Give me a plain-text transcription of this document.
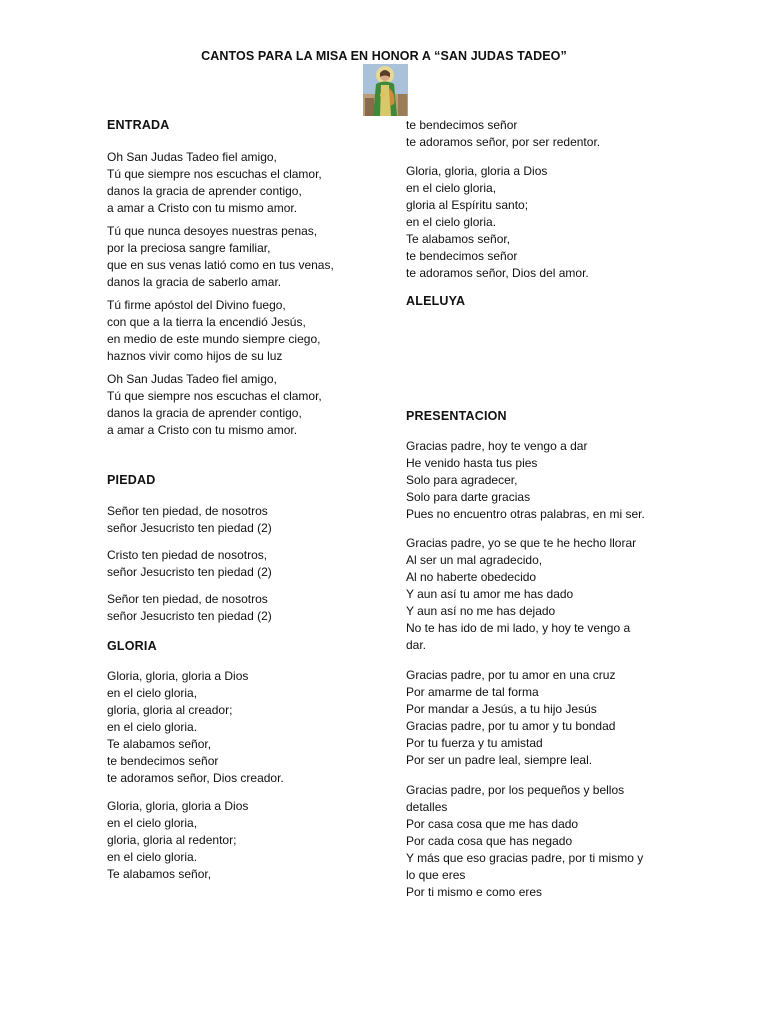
CANTOS PARA LA MISA EN HONOR A “SAN JUDAS TADEO”
ENTRADA
Oh San Judas Tadeo fiel amigo,
Tú que siempre nos escuchas el clamor,
danos la gracia de aprender contigo,
a amar a Cristo con tu mismo amor.
Tú que nunca desoyes nuestras penas,
por la preciosa sangre familiar,
que en sus venas latió como en tus venas,
danos la gracia de saberlo amar.
Tú firme apóstol del Divino fuego,
con que a la tierra la encendió Jesús,
en medio de este mundo siempre ciego,
haznos vivir como hijos de su luz
Oh San Judas Tadeo fiel amigo,
Tú que siempre nos escuchas el clamor,
danos la gracia de aprender contigo,
a amar a Cristo con tu mismo amor.
PIEDAD
Señor ten piedad, de nosotros
señor Jesucristo ten piedad (2)
Cristo ten piedad de nosotros,
señor Jesucristo ten piedad (2)
Señor ten piedad, de nosotros
señor Jesucristo ten piedad (2)
GLORIA
Gloria, gloria, gloria a Dios
en el cielo gloria,
gloria, gloria al creador;
en el cielo gloria.
Te alabamos señor,
te bendecimos señor
te adoramos señor, Dios creador.
Gloria, gloria, gloria a Dios
en el cielo gloria,
gloria, gloria al redentor;
en el cielo gloria.
Te alabamos señor,
te bendecimos señor
te adoramos señor, por ser redentor.
Gloria, gloria, gloria a Dios
en el cielo gloria,
gloria al Espíritu santo;
en el cielo gloria.
Te alabamos señor,
te bendecimos señor
te adoramos señor, Dios del amor.
ALELUYA
PRESENTACION
Gracias padre, hoy te vengo a dar
He venido hasta tus pies
Solo para agradecer,
Solo para darte gracias
Pues no encuentro otras palabras, en mi ser.
Gracias padre, yo se que te he hecho llorar
Al ser un mal agradecido,
Al no haberte obedecido
Y aun así tu amor me has dado
Y aun así no me has dejado
No te has ido de mi lado, y hoy te vengo a
dar.
Gracias padre, por tu amor en una cruz
Por amarme de tal forma
Por mandar a Jesús, a tu hijo Jesús
Gracias padre, por tu amor y tu bondad
Por tu fuerza y tu amistad
Por ser un padre leal, siempre leal.
Gracias padre, por los pequeños y bellos
detalles
Por casa cosa que me has dado
Por cada cosa que has negado
Y más que eso gracias padre, por ti mismo y
lo que eres
Por ti mismo e como eres
